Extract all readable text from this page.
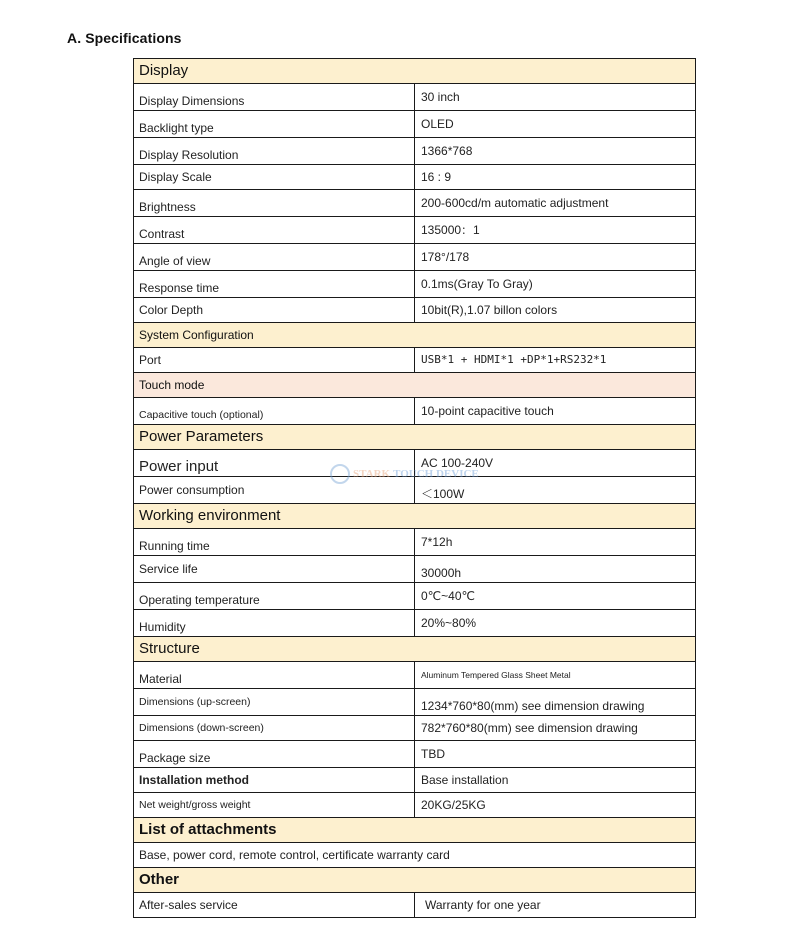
A. Specifications
Display	
Display Dimensions	30 inch
Backlight type	OLED
Display Resolution	1366*768
Display Scale	16 : 9
Brightness	200-600cd/m automatic adjustment
Contrast	135000：1
Angle of view	178°/178
Response time	0.1ms(Gray To Gray)
Color Depth	10bit(R),1.07 billon colors
System Configuration	
Port	USB*1 + HDMI*1 +DP*1+RS232*1
Touch mode	
Capacitive touch (optional)	10-point capacitive touch
Power Parameters	
Power input	AC 100-240V
Power consumption	＜100W
Working environment	
Running time	7*12h
Service life	30000h
Operating temperature	0℃~40℃
Humidity	20%~80%
Structure	
Material	Aluminum Tempered Glass Sheet Metal
Dimensions (up-screen)	1234*760*80(mm) see dimension drawing
Dimensions (down-screen)	782*760*80(mm) see dimension drawing
Package size	TBD
Installation method	Base installation
Net weight/gross weight	20KG/25KG
List of attachments	
Base, power cord, remote control, certificate warranty card	
Other	
After-sales service	Warranty for one year
STARK TOUCH DEVICE
